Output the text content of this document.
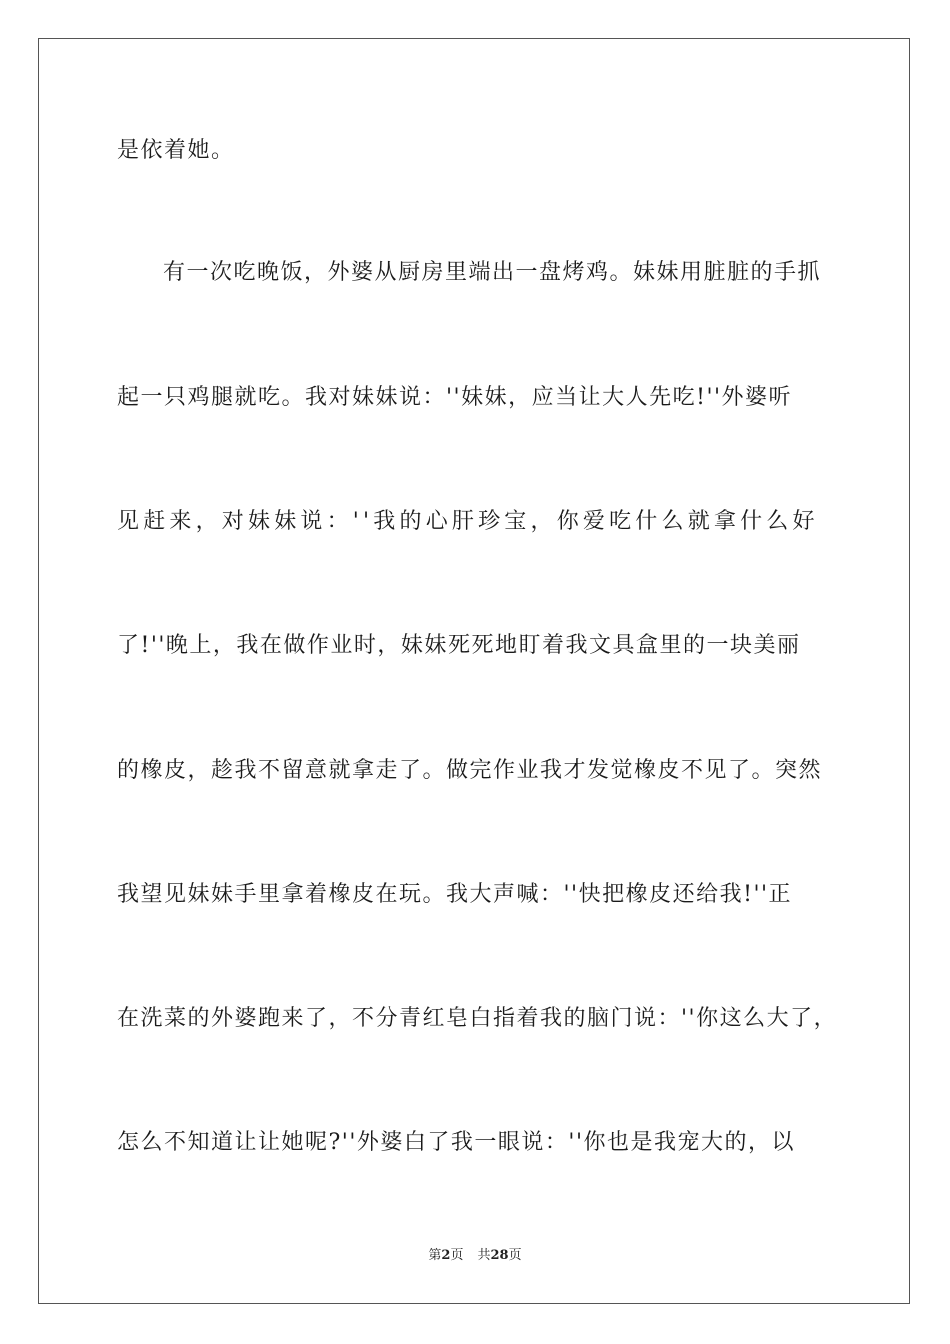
是依着她。
有一次吃晚饭，外婆从厨房里端出一盘烤鸡。妹妹用脏脏的手抓
起一只鸡腿就吃。我对妹妹说：''妹妹，应当让大人先吃!''外婆听
见赶来，对妹妹说：''我的心肝珍宝，你爱吃什么就拿什么好
了!''晚上，我在做作业时，妹妹死死地盯着我文具盒里的一块美丽
的橡皮，趁我不留意就拿走了。做完作业我才发觉橡皮不见了。突然
我望见妹妹手里拿着橡皮在玩。我大声喊：''快把橡皮还给我!''正
在洗菜的外婆跑来了，不分青红皂白指着我的脑门说：''你这么大了，
怎么不知道让让她呢?''外婆白了我一眼说：''你也是我宠大的，以
第2页 共28页
